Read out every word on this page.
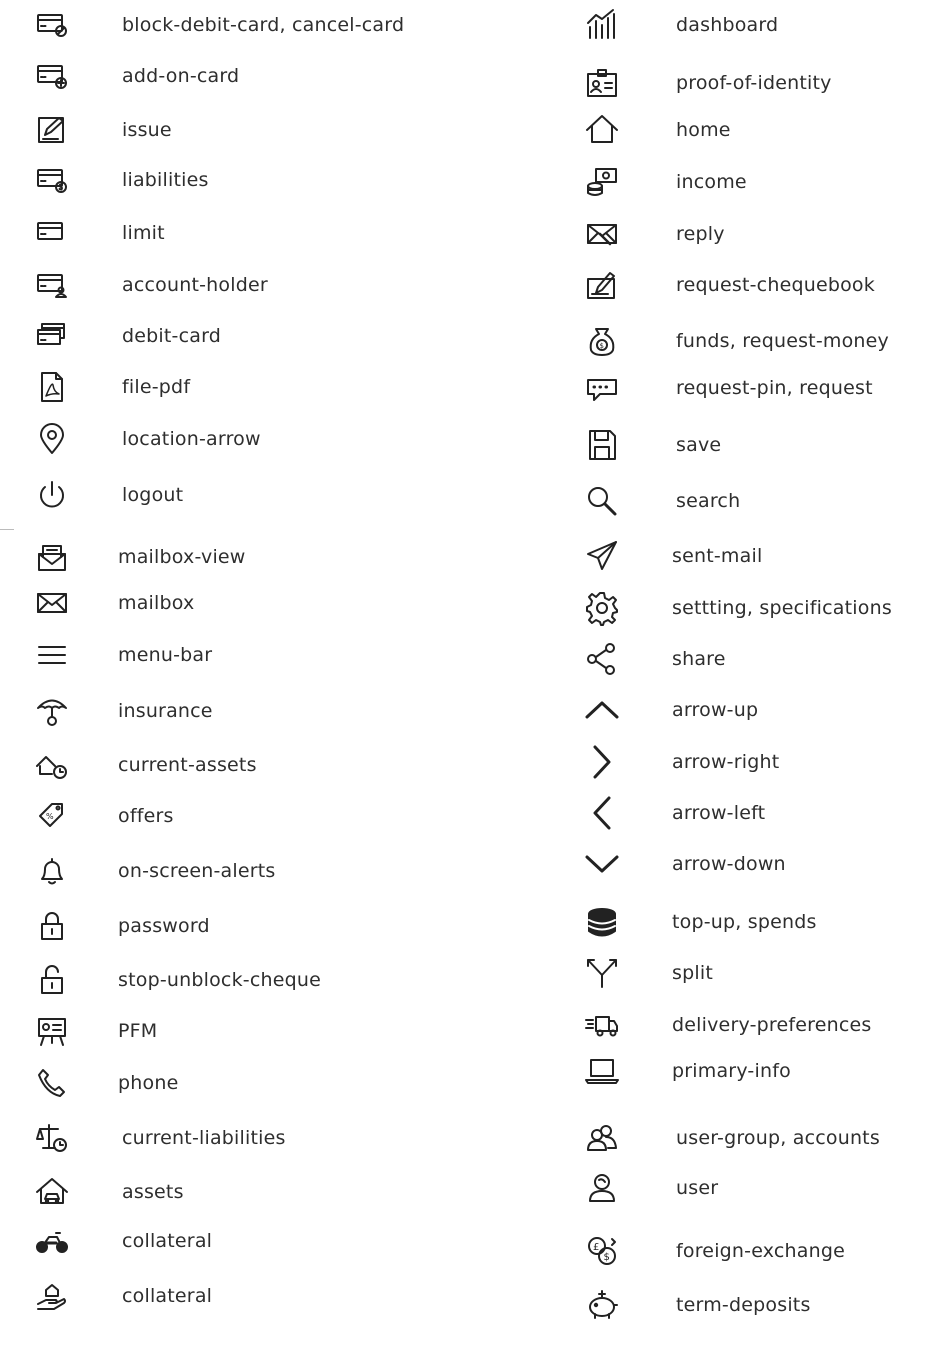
block-debit-card, cancel-card
add-on-card
issue
liabilities
limit
account-holder
debit-card
file-pdf
location-arrow
logout
mailbox-view
mailbox
menu-bar
insurance
current-assets
%	offers
on-screen-alerts
password
stop-unblock-cheque
PFM
phone
current-liabilities
assets
collateral
collateral
dashboard
proof-of-identity
home
income
reply
request-chequebook
$	funds, request-money
request-pin, request
save
search
sent-mail
settting, specifications
share
arrow-up
arrow-right
arrow-left
arrow-down
top-up, spends
split
delivery-preferences
primary-info
user-group, accounts
user
£
$	foreign-exchange
term-deposits
